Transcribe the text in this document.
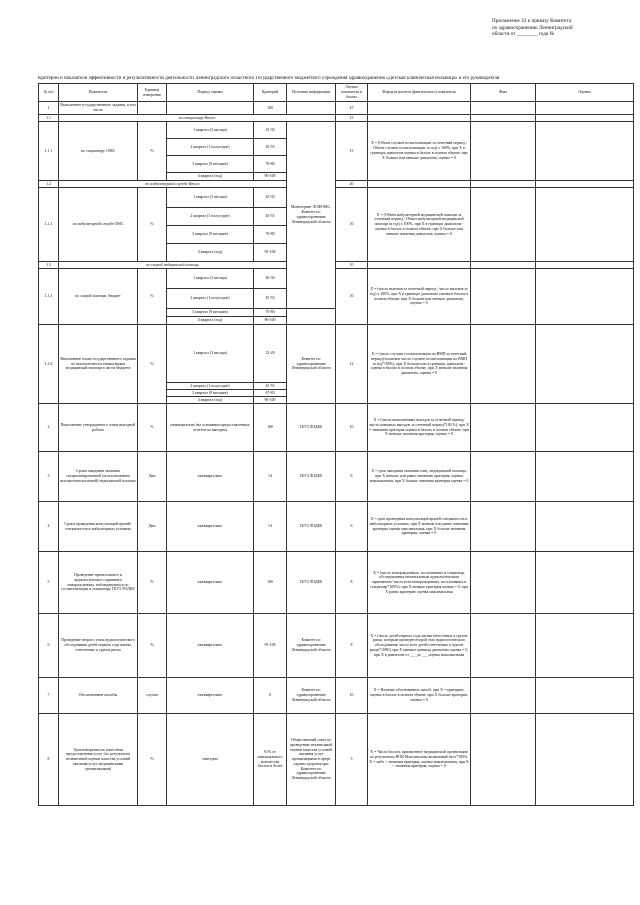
Приложение 33 к приказу Комитета
по здравоохранению Ленинградской
области от ________ года №
Критерии и показатели эффективности и результативности деятельности Ленинградского областного Государственного бюджетного учреждения здравоохранения «Детская клиническая больница» и его руководителя
№ п/п	Показатель	Единица измерения	Период оценки	Критерий	Источник информации	Оценка показателя в баллах	Формула расчета (фактического) показателя	Факт	Оценка
1	Выполнение государственного задания, в том числе			100		47			
1.1	по стационару Итого					15			
1.1.1	по стационару, ОМС	%	1 квартал (3 месяца)	25-30	Мониторинг ЛОФОМС, Комитет по здравоохранению Ленинградской области	15	X = (Объем случаев госпитализации за отчетный период / Объем случаев госпитализации за год) х 100%, при X в границах диапазона оценка в баллах в полном объеме, при X больше или меньше диапазона, оценка = 0		
			2 квартал (1 полугодие)	45-55					
			3 квартал (9 месяцев)	70-80					
			4 квартал (год)	90-100					
1.2	по амбулаторной службе Итого					20			
1.2.1	по амбулаторной службе ОМС	%	1 квартал (3 месяца)	25-30		10	X = (Объем амбулаторной медицинской помощи за отчетный период / Объем амбулаторной медицинской помощи за год) х 100%, при X в границах диапазона - оценка в баллах в полном объеме, при X больше или меньше значения диапазона, оценка = 0		
			2 квартал (1 полугодие)	45-55					
			3 квартал (9 месяцев)	70-80					
			4 квартал (год)	95-100					
1.3	по скорой медицинской помощи					10			
1.3.1	по скорой помощи, бюджет	%	1 квартал (3 месяца)	20-30		10	X = (число вызовов за отчетный период / число вызовов за год) х 100%, при X в границах диапазона оценка в баллах в полном объеме, при X больше или меньше диапазона, оценка = 0		
			2 квартал (1 полугодие)	45-55					
			3 квартал (9 месяцев)	70-80					
			4 квартал (год)	90-100					
1.3.2	Выполнение плана государственного задания по высокотехнологичным видам медицинской помощи в части бюджета	%	1 квартал (3 месяца)	22-28	Комитет по здравоохранению Ленинградской области	12	X = (число случаев госпитализации по ВМП за отчетный период)/плановое число случаев госпитализации по ВМП за год*100%), при X больше или в границах диапазона - оценка в баллах в полном объеме, при X меньше значения диапазона, оценка = 0		
			2 квартал (1 полугодие)	45-55					
			3 квартал (9 месяцев)	67-83					
			4 квартал (год)	90-100					
2	Выполнение утвержденного плана выездной работы	%	ежеквартально (на основании предоставленных отчетов по выездам)	100	ГБУЗ ЛОДКБ	10	X = (число выполненных выездов за отчетный период/число плановых выездов за отчетный период*100 %), при X = значению критерия оценка в баллах в полном объеме, при X меньше значения критерия, оценка = 0		
3	Сроки ожидания оказания специализированной (за исключением высокотехнологичной) медицинской помощи	Дни	ежеквартально	14	ГБУЗ ЛОДКБ	6	X = срок ожидания оказания спец. медицинской помощи, при X меньше или равно значению критерия, оценка максимальная, при X больше значения критерия оценка = 0		
4	Сроки проведения консультаций врачей-специалистов в амбулаторных условиях	Дни	ежеквартально	14	ГБУЗ ЛОДКБ	6	X = срок проведения консультаций врачей-специалистов в амбулаторных условиях, при X меньше или равно значению критерия оценка максимальная, при X больше значения критерия, оценка = 0		
5	Проведение пренатального и аудиологического скрининга новорожденных, наблюдающихся по госпитализации и стационару ГБУЗ ЛОДКБ	%	ежеквартально	100	ГБУЗ ЛОДКБ	8	X = (число новорожденных, поступивших в стационар, обследованных неонатальным аудиологическим скринингом/ число всех новорожденных, поступивших в стационар*100%), при X меньше критерия оценка = 0, при X равно критерию оценка максимальная		
6	Проведение второго этапа аудиологического обследования детей первого года жизни, отнесенных к группе риска	%	ежеквартально	95-100	Комитет по здравоохранению Ленинградской области	8	X = (число детей первого года жизни отнесенных к группе риска, которым проведен второй этап аудиологического обследования/ число всех детей отнесенных к группе риска*100%) при X меньше границы диапазона оценка = 0, при X в диапазоне от ___ до ___ оценка максимальная		
7	Обоснованные жалобы	случаи	ежеквартально	0	Комитет по здравоохранению Ленинградской области	10	X = Наличие обоснованных жалоб, при X = критерию, оценка в баллах в полном объеме, при X больше критерия, оценка = 0		
8	Удовлетворенность качеством предоставления услуг (по результатам независимой оценки качества условий оказания услуг медицинскими организациями)	%	ежегодно	91% от максимального количества баллов и более	Общественный совет по проведению независимой оценки качества условий оказания услуг организациями в сфере охраны здоровья при Комитете по здравоохранению Ленинградской области	3	X = Число баллов, присвоенное медицинской организации по результатам НОК/Максимально возможный балл*100%. X = либо > значения критерия, оценка максимальная, при X < значения критерия, оценка = 0		
